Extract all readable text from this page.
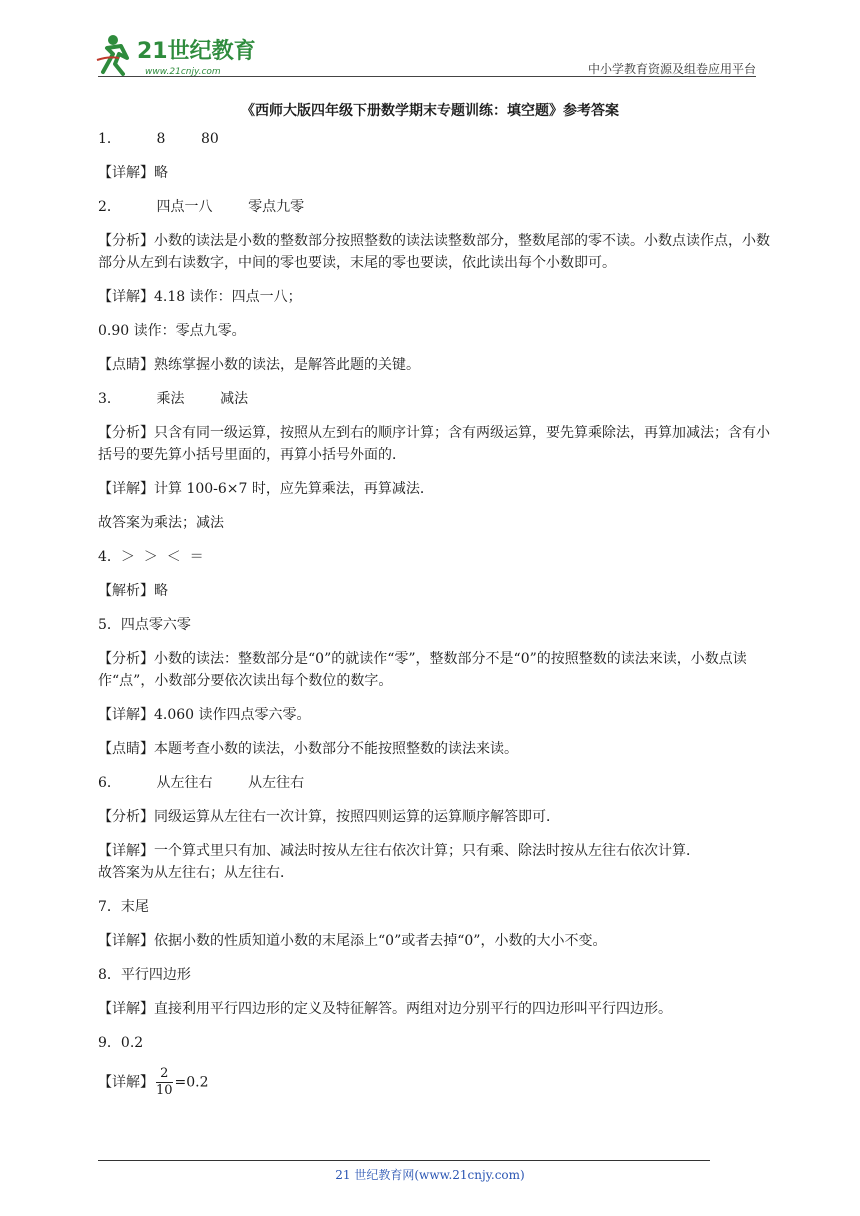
21世纪教育
www.21cnjy.com	中小学教育资源及组卷应用平台
《西师大版四年级下册数学期末专题训练：填空题》参考答案

1．        8        80

【详解】略

2．        四点一八        零点九零

【分析】小数的读法是小数的整数部分按照整数的读法读整数部分，整数尾部的零不读。小数点读作点，小数部分从左到右读数字，中间的零也要读，末尾的零也要读，依此读出每个小数即可。

【详解】4.18 读作：四点一八；

0.90 读作：零点九零。

【点睛】熟练掌握小数的读法，是解答此题的关键。

3．        乘法        减法

【分析】只含有同一级运算，按照从左到右的顺序计算；含有两级运算，要先算乘除法，再算加减法；含有小括号的要先算小括号里面的，再算小括号外面的．

【详解】计算 100-6×7 时，应先算乘法，再算减法．

故答案为乘法；减法

4．＞  ＞  ＜  ＝

【解析】略

5．四点零六零

【分析】小数的读法：整数部分是“0”的就读作“零”，整数部分不是“0”的按照整数的读法来读，小数点读作“点”，小数部分要依次读出每个数位的数字。

【详解】4.060 读作四点零六零。

【点睛】本题考查小数的读法，小数部分不能按照整数的读法来读。

6．        从左往右        从左往右

【分析】同级运算从左往右一次计算，按照四则运算的运算顺序解答即可．

【详解】一个算式里只有加、减法时按从左往右依次计算；只有乘、除法时按从左往右依次计算．

故答案为从左往右；从左往右．

7．末尾

【详解】依据小数的性质知道小数的末尾添上“0”或者去掉“0”，小数的大小不变。

8．平行四边形

【详解】直接利用平行四边形的定义及特征解答。两组对边分别平行的四边形叫平行四边形。

9．0.2

【详解】 $\frac{2}{10} =0.2$

21 世纪教育网(www.21cnjy.com)
